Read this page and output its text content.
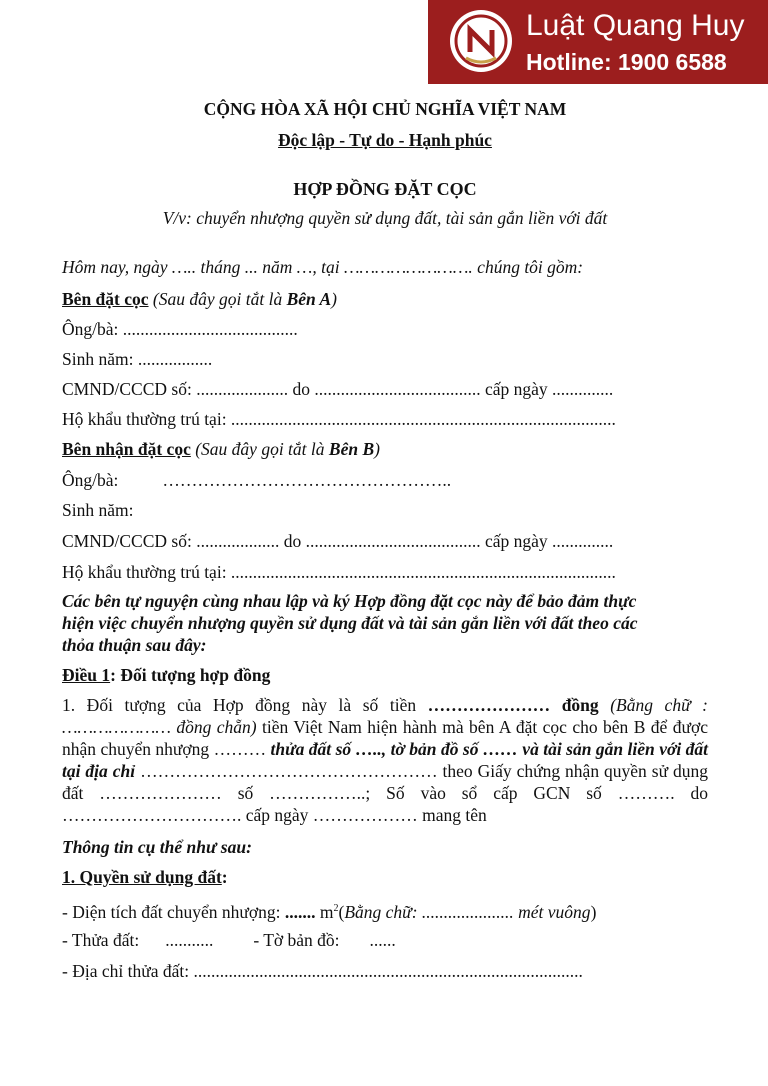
Luật Quang Huy
Hotline: 1900 6588
CỘNG HÒA XÃ HỘI CHỦ NGHĨA VIỆT NAM
Độc lập - Tự do - Hạnh phúc
HỢP ĐỒNG ĐẶT CỌC
V/v: chuyển nhượng quyền sử dụng đất, tài sản gắn liền với đất
Hôm nay, ngày ….. tháng ... năm …, tại ……………………. chúng tôi gồm:
Bên đặt cọc (Sau đây gọi tắt là Bên A)
Ông/bà: ........................................
Sinh năm: .................
CMND/CCCD số: ..................... do ...................................... cấp ngày ..............
Hộ khẩu thường trú tại: ........................................................................................
Bên nhận đặt cọc (Sau đây gọi tắt là Bên B)
Ông/bà:	…………………………………………..
Sinh năm:
CMND/CCCD số: ................... do ........................................ cấp ngày ..............
Hộ khẩu thường trú tại: ........................................................................................
Các bên tự nguyện cùng nhau lập và ký Hợp đồng đặt cọc này để bảo đảm thực
hiện việc chuyển nhượng quyền sử dụng đất và tài sản gắn liền với đất theo các
thỏa thuận sau đây:
Điều 1: Đối tượng hợp đồng
1. Đối tượng của Hợp đồng này là số tiền ………………… đồng (Bằng chữ : ………………… đồng chẵn) tiền Việt Nam hiện hành mà bên A đặt cọc cho bên B để được nhận chuyển nhượng ……… thửa đất số ….., tờ bản đồ số …… và tài sản gắn liền với đất tại địa chỉ …………………………………………… theo Giấy chứng nhận quyền sử dụng đất ………………… số ……………..; Số vào sổ cấp GCN số ………. do …………………………. cấp ngày ……………… mang tên
Thông tin cụ thể như sau:
1. Quyền sử dụng đất:
- Diện tích đất chuyển nhượng: ....... $m^2(Bằng$ chữ: ..................... mét vuông)
- Thửa đất: ........... - Tờ bản đồ: ......
- Địa chỉ thửa đất: .........................................................................................
